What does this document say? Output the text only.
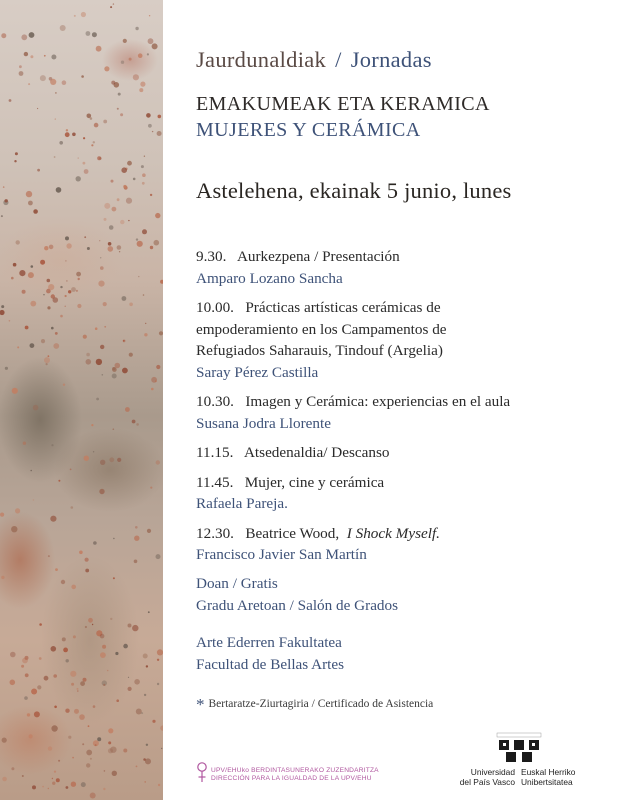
Jaurdunaldiak / Jornadas
EMAKUMEAK ETA KERAMICA
MUJERES Y CERÁMICA
Astelehena, ekainak 5 junio, lunes
9.30. Aurkezpena / Presentación
Amparo Lozano Sancha
10.00. Prácticas artísticas cerámicas de
empoderamiento en los Campamentos de
Refugiados Saharauis, Tindouf (Argelia)
Saray Pérez Castilla
10.30. Imagen y Cerámica: experiencias en el aula
Susana Jodra Llorente
11.15. Atsedenaldia/ Descanso
11.45. Mujer, cine y cerámica
Rafaela Pareja.
12.30. Beatrice Wood, I Shock Myself.
Francisco Javier San Martín
Doan / Gratis
Gradu Aretoan / Salón de Grados
Arte Ederren Fakultatea
Facultad de Bellas Artes
* Bertaratze-Ziurtagiria / Certificado de Asistencia
UPV/EHUko BERDINTASUNERAKO ZUZENDARITZA
DIRECCIÓN PARA LA IGUALDAD DE LA UPV/EHU
Universidad
del País Vasco
Euskal Herriko
Unibertsitatea
